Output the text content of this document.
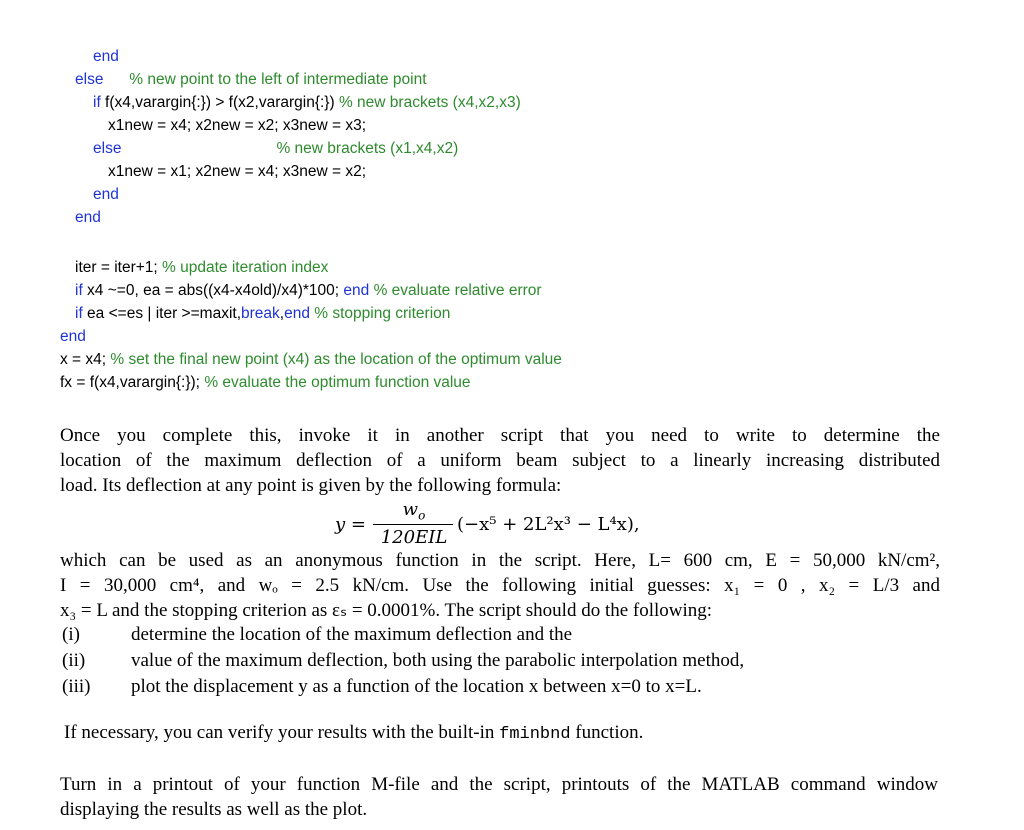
end
else      % new point to the left of intermediate point
if f(x4,varargin{:}) > f(x2,varargin{:}) % new brackets (x4,x2,x3)
x1new = x4; x2new = x2; x3new = x3;
else                                    % new brackets (x1,x4,x2)
x1new = x1; x2new = x4; x3new = x2;
end
end
iter = iter+1; % update iteration index
if x4 ~=0, ea = abs((x4-x4old)/x4)*100; end % evaluate relative error
if ea <=es | iter >=maxit,break,end % stopping criterion
end
x = x4; % set the final new point (x4) as the location of the optimum value
fx = f(x4,varargin{:}); % evaluate the optimum function value
Once you complete this, invoke it in another script that you need to write to determine the
location of the maximum deflection of a uniform beam subject to a linearly increasing distributed
load. Its deflection at any point is given by the following formula:
y =
$w_o$
120EIL
(−x⁵ + 2L²x³ − L⁴x),
which can be used as an anonymous function in the script. Here, L= 600 cm, E = 50,000 kN/cm²,
I = 30,000 cm⁴, and wₒ = 2.5 kN/cm. Use the following initial guesses: x₁ = 0 , x₂ = L/3 and
x₃ = L and the stopping criterion as εₛ = 0.0001%. The script should do the following:
(i)	determine the location of the maximum deflection and the
(ii) value of the maximum deflection, both using the parabolic interpolation method,
(iii) plot the displacement y as a function of the location x between x=0 to x=L.
If necessary, you can verify your results with the built-in fminbnd function.
Turn in a printout of your function M-file and the script, printouts of the MATLAB command window
displaying the results as well as the plot.
